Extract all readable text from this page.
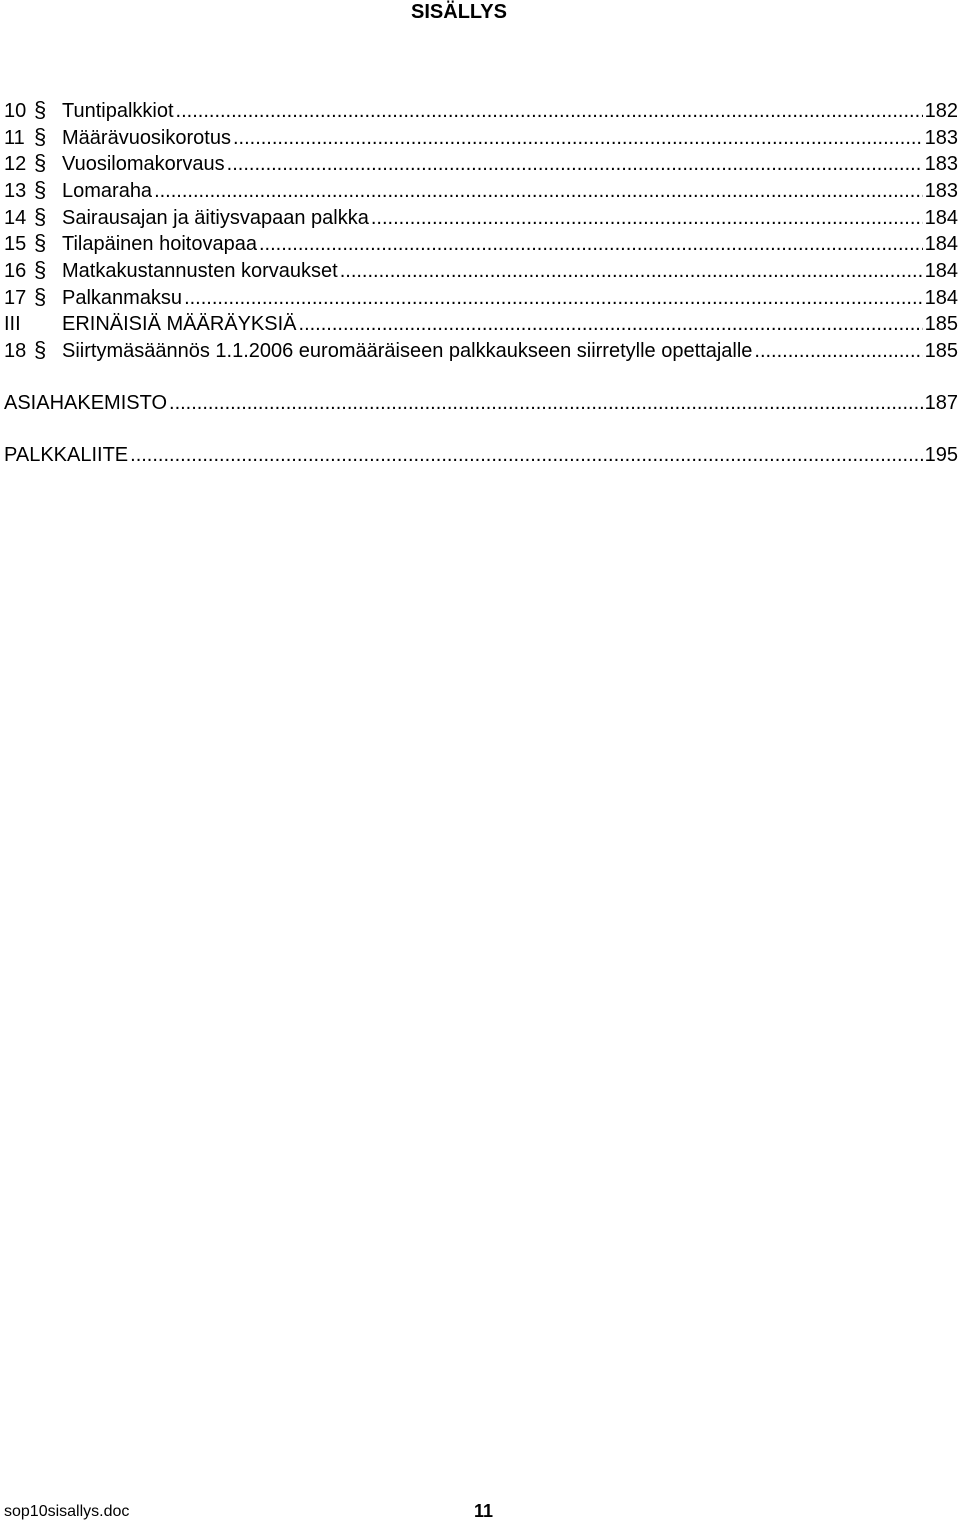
SISÄLLYS
10 § Tuntipalkkiot .....	182
11 § Määrävuosikorotus .....	183
12 § Vuosilomakorvaus .....	183
13 § Lomaraha .....	183
14 § Sairausajan ja äitiysvapaan palkka .....	184
15 § Tilapäinen hoitovapaa .....	184
16 § Matkakustannusten korvaukset .....	184
17 § Palkanmaksu .....	184
III	ERINÄISIÄ MÄÄRÄYKSIÄ .....	185
18 § Siirtymäsäännös 1.1.2006 euromääräiseen palkkaukseen siirretylle opettajalle .....	185
ASIAHAKEMISTO .....	187
PALKKALIITE .....	195
sop10sisallys.doc	11
